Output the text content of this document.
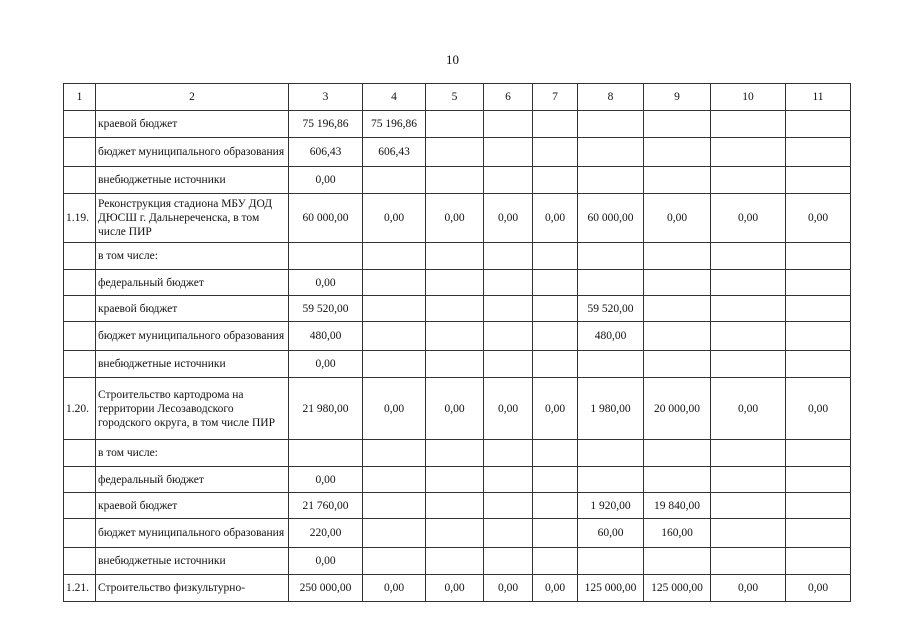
10
1	2	3	4	5	6	7	8	9	10	11
	краевой бюджет	75 196,86	75 196,86							
	бюджет муниципального образования	606,43	606,43							
	внебюджетные источники	0,00								
1.19.	Реконструкция стадиона МБУ ДОД ДЮСШ г. Дальнереченска, в том числе ПИР	60 000,00	0,00	0,00	0,00	0,00	60 000,00	0,00	0,00	0,00
	в том числе:									
	федеральный бюджет	0,00								
	краевой бюджет	59 520,00					59 520,00			
	бюджет муниципального образования	480,00					480,00			
	внебюджетные источники	0,00								
1.20.	Строительство картодрома на территории Лесозаводского городского округа, в том числе ПИР	21 980,00	0,00	0,00	0,00	0,00	1 980,00	20 000,00	0,00	0,00
	в том числе:									
	федеральный бюджет	0,00								
	краевой бюджет	21 760,00					1 920,00	19 840,00		
	бюджет муниципального образования	220,00					60,00	160,00		
	внебюджетные источники	0,00								
1.21.	Строительство физкультурно-	250 000,00	0,00	0,00	0,00	0,00	125 000,00	125 000,00	0,00	0,00
